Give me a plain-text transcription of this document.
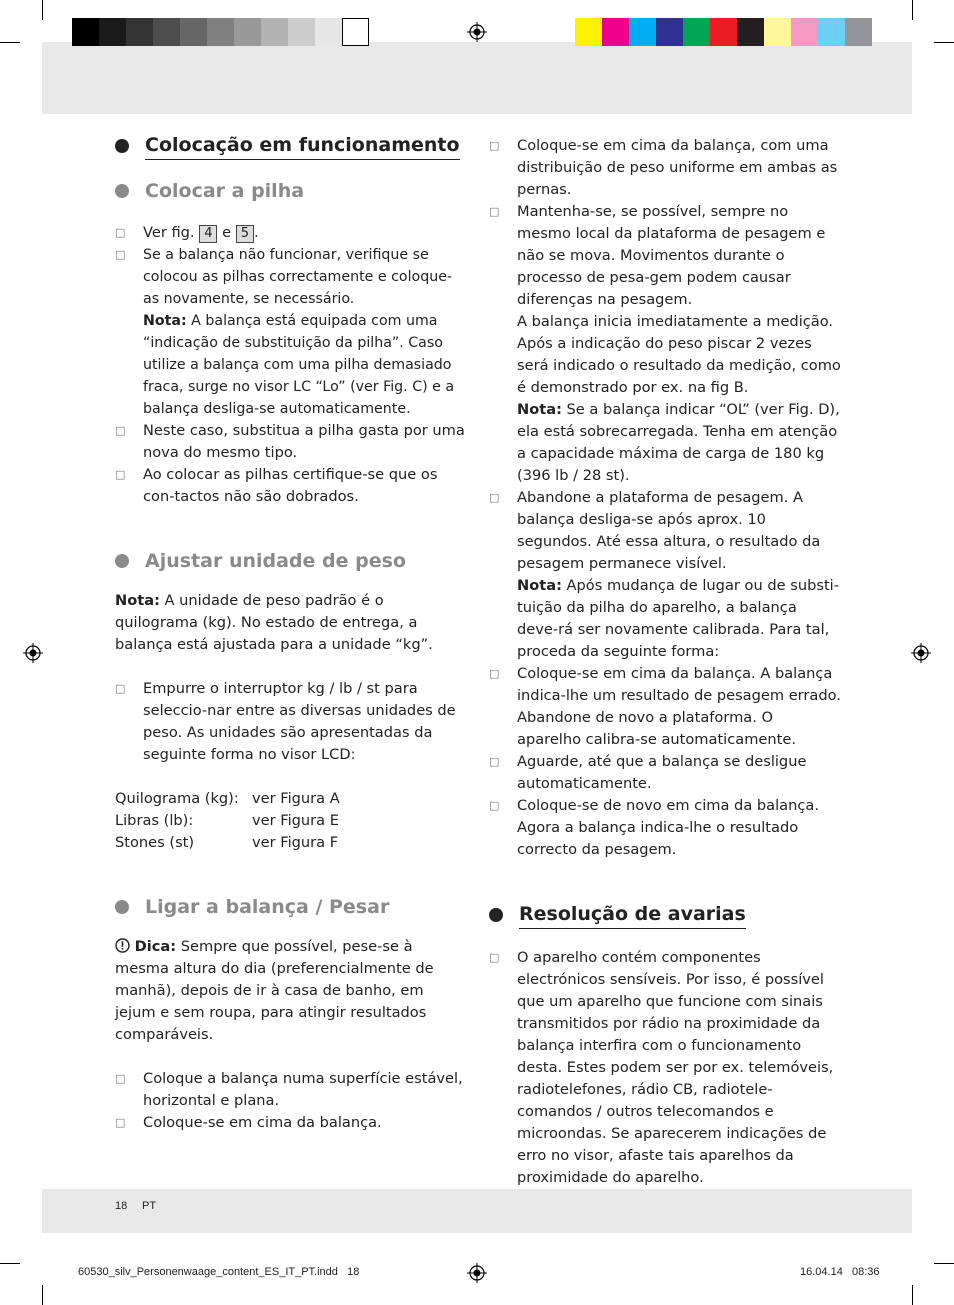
Colocação em funcionamento
Colocar a pilha
□ Ver fig. 4 e 5 .
□ Se a balança não funcionar, verifique se colocou as pilhas correctamente e coloque-as novamente, se necessário.
Nota: A balança está equipada com uma “indicação de substituição da pilha”. Caso utilize a balança com uma pilha demasiado fraca, surge no visor LC “Lo” (ver Fig. C) e a balança desliga-se automaticamente.
□ Neste caso, substitua a pilha gasta por uma nova do mesmo tipo.
□ Ao colocar as pilhas certifique-se que os con-tactos não são dobrados.
Ajustar unidade de peso

Nota: A unidade de peso padrão é o quilograma (kg). No estado de entrega, a balança está ajustada para a unidade “kg”.

□ Empurre o interruptor kg / lb / st para seleccio-nar entre as diversas unidades de peso. As unidades são apresentadas da seguinte forma no visor LCD:
Quilograma (kg): ver Figura A
Libras (lb):	ver Figura E
Stones (st)	ver Figura F
Ligar a balança / Pesar

Dica: Sempre que possível, pese-se à mesma altura do dia (preferencialmente de manhã), depois de ir à casa de banho, em jejum e sem roupa, para atingir resultados comparáveis.

□ Coloque a balança numa superfície estável, horizontal e plana.
□ Coloque-se em cima da balança.
□ Coloque-se em cima da balança, com uma distribuição de peso uniforme em ambas as pernas.
□ Mantenha-se, se possível, sempre no mesmo local da plataforma de pesagem e não se mova. Movimentos durante o processo de pesa-gem podem causar diferenças na pesagem.
A balança inicia imediatamente a medição. Após a indicação do peso piscar 2 vezes será indicado o resultado da medição, como é demonstrado por ex. na fig B.
Nota: Se a balança indicar “OL” (ver Fig. D), ela está sobrecarregada. Tenha em atenção a capacidade máxima de carga de 180 kg (396 lb / 28 st).
□ Abandone a plataforma de pesagem. A balança desliga-se após aprox. 10 segundos. Até essa altura, o resultado da pesagem permanece visível.
Nota: Após mudança de lugar ou de substi-tuição da pilha do aparelho, a balança deve-rá ser novamente calibrada. Para tal, proceda da seguinte forma:
□ Coloque-se em cima da balança. A balança indica-lhe um resultado de pesagem errado. Abandone de novo a plataforma. O aparelho calibra-se automaticamente.
□ Aguarde, até que a balança se desligue automaticamente.
□ Coloque-se de novo em cima da balança. Agora a balança indica-lhe o resultado correcto da pesagem.
Resolução de avarias
□ O aparelho contém componentes electrónicos sensíveis. Por isso, é possível que um aparelho que funcione com sinais transmitidos por rádio na proximidade da balança interfira com o funcionamento desta. Estes podem ser por ex. telemóveis, radiotelefones, rádio CB, radiotele-comandos / outros telecomandos e microondas. Se aparecerem indicações de erro no visor, afaste tais aparelhos da proximidade do aparelho.
18 PT
60530_silv_Personenwaage_content_ES_IT_PT.indd   18	16.04.14   08:36
